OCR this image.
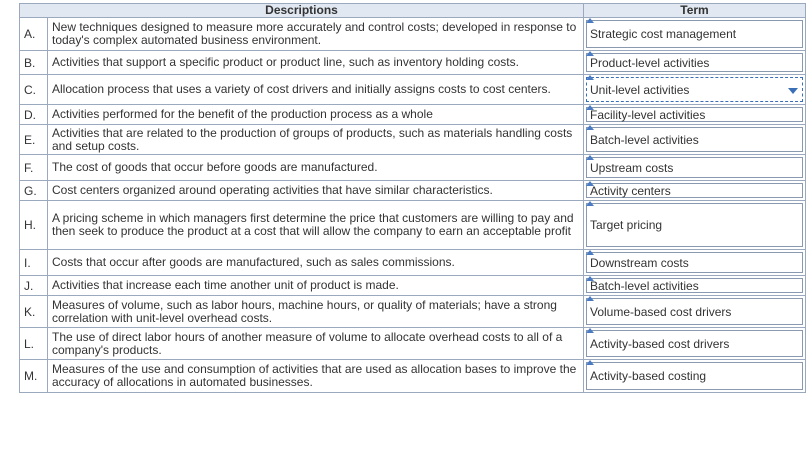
Descriptions		Term
A.	New techniques designed to measure more accurately and control costs; developed in response to today's complex automated business environment.	Strategic cost management

B.	Activities that support a specific product or product line, such as inventory holding costs.	Product-level activities

C.	Allocation process that uses a variety of cost drivers and initially assigns costs to cost centers.	Unit-level activities

D.	Activities performed for the benefit of the production process as a whole	Facility-level activities

E.	Activities that are related to the production of groups of products, such as materials handling costs and setup costs.	Batch-level activities

F.	The cost of goods that occur before goods are manufactured.	Upstream costs

G.	Cost centers organized around operating activities that have similar characteristics.	Activity centers

H.	A pricing scheme in which managers first determine the price that customers are willing to pay and then seek to produce the product at a cost that will allow the company to earn an acceptable profit	Target pricing

I.	Costs that occur after goods are manufactured, such as sales commissions.	Downstream costs

J.	Activities that increase each time another unit of product is made.	Batch-level activities

K.	Measures of volume, such as labor hours, machine hours, or quality of materials; have a strong correlation with unit-level overhead costs.	Volume-based cost drivers

L.	The use of direct labor hours of another measure of volume to allocate overhead costs to all of a company's products.	Activity-based cost drivers

M.	Measures of the use and consumption of activities that are used as allocation bases to improve the accuracy of allocations in automated businesses.	Activity-based costing
